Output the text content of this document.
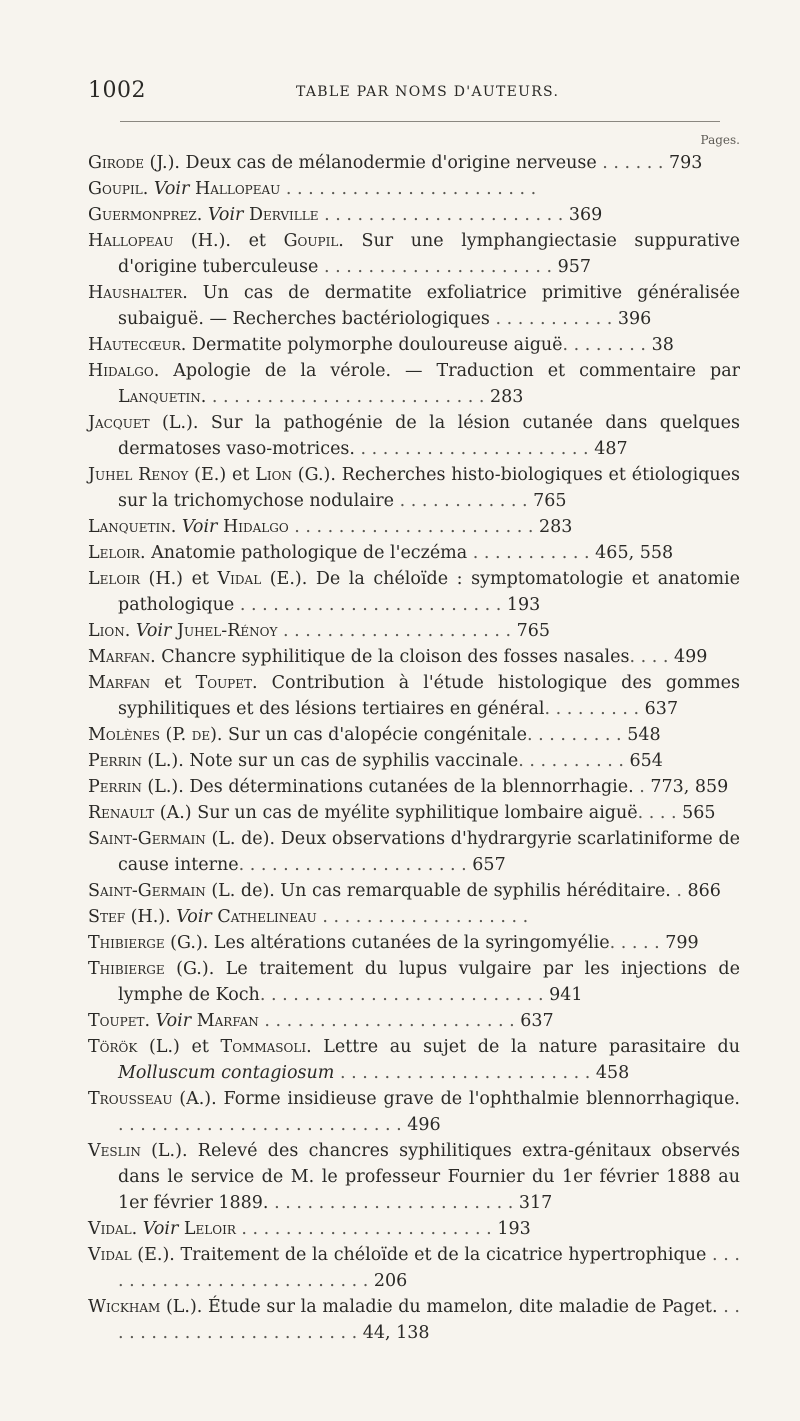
1002	TABLE PAR NOMS D'AUTEURS.
Pages.
Girode (J.). Deux cas de mélanodermie d'origine nerveuse . . . . . . 793
Goupil. Voir Hallopeau . . . . . . . . . . . . . . . . . . . . . . .
Guermonprez. Voir Derville . . . . . . . . . . . . . . . . . . . . . . 369
Hallopeau (H.). et Goupil. Sur une lymphangiectasie suppurative d'origine tuberculeuse . . . . . . . . . . . . . . . . . . . . . 957
Haushalter. Un cas de dermatite exfoliatrice primitive généralisée subaiguë. — Recherches bactériologiques . . . . . . . . . . . 396
Hautecœur. Dermatite polymorphe douloureuse aiguë. . . . . . . . 38
Hidalgo. Apologie de la vérole. — Traduction et commentaire par Lanquetin. . . . . . . . . . . . . . . . . . . . . . . . . . 283
Jacquet (L.). Sur la pathogénie de la lésion cutanée dans quelques dermatoses vaso-motrices. . . . . . . . . . . . . . . . . . . . . . 487
Juhel Renoy (E.) et Lion (G.). Recherches histo-biologiques et étiologiques sur la trichomychose nodulaire . . . . . . . . . . . . 765
Lanquetin. Voir Hidalgo . . . . . . . . . . . . . . . . . . . . . . 283
Leloir. Anatomie pathologique de l'eczéma . . . . . . . . . . . 465, 558
Leloir (H.) et Vidal (E.). De la chéloïde : symptomatologie et anatomie pathologique . . . . . . . . . . . . . . . . . . . . . . . . 193
Lion. Voir Juhel-Rénoy . . . . . . . . . . . . . . . . . . . . . 765
Marfan. Chancre syphilitique de la cloison des fosses nasales. . . . 499
Marfan et Toupet. Contribution à l'étude histologique des gommes syphilitiques et des lésions tertiaires en général. . . . . . . . . 637
Molènes (P. de). Sur un cas d'alopécie congénitale. . . . . . . . . 548
Perrin (L.). Note sur un cas de syphilis vaccinale. . . . . . . . . . 654
Perrin (L.). Des déterminations cutanées de la blennorrhagie. . 773, 859
Renault (A.) Sur un cas de myélite syphilitique lombaire aiguë. . . . 565
Saint-Germain (L. de). Deux observations d'hydrargyrie scarlatiniforme de cause interne. . . . . . . . . . . . . . . . . . . . . 657
Saint-Germain (L. de). Un cas remarquable de syphilis héréditaire. . 866
Stef (H.). Voir Cathelineau . . . . . . . . . . . . . . . . . . .
Thibierge (G.). Les altérations cutanées de la syringomyélie. . . . . 799
Thibierge (G.). Le traitement du lupus vulgaire par les injections de lymphe de Koch. . . . . . . . . . . . . . . . . . . . . . . . . . 941
Toupet. Voir Marfan . . . . . . . . . . . . . . . . . . . . . . . 637
Török (L.) et Tommasoli. Lettre au sujet de la nature parasitaire du Molluscum contagiosum . . . . . . . . . . . . . . . . . . . . . . . 458
Trousseau (A.). Forme insidieuse grave de l'ophthalmie blennorrhagique. . . . . . . . . . . . . . . . . . . . . . . . . . . 496
Veslin (L.). Relevé des chancres syphilitiques extra-génitaux observés dans le service de M. le professeur Fournier du 1er février 1888 au 1er février 1889. . . . . . . . . . . . . . . . . . . . . . . 317
Vidal. Voir Leloir . . . . . . . . . . . . . . . . . . . . . . . 193
Vidal (E.). Traitement de la chéloïde et de la cicatrice hypertrophique . . . . . . . . . . . . . . . . . . . . . . . . . . 206
Wickham (L.). Étude sur la maladie du mamelon, dite maladie de Paget. . . . . . . . . . . . . . . . . . . . . . . . . 44, 138
